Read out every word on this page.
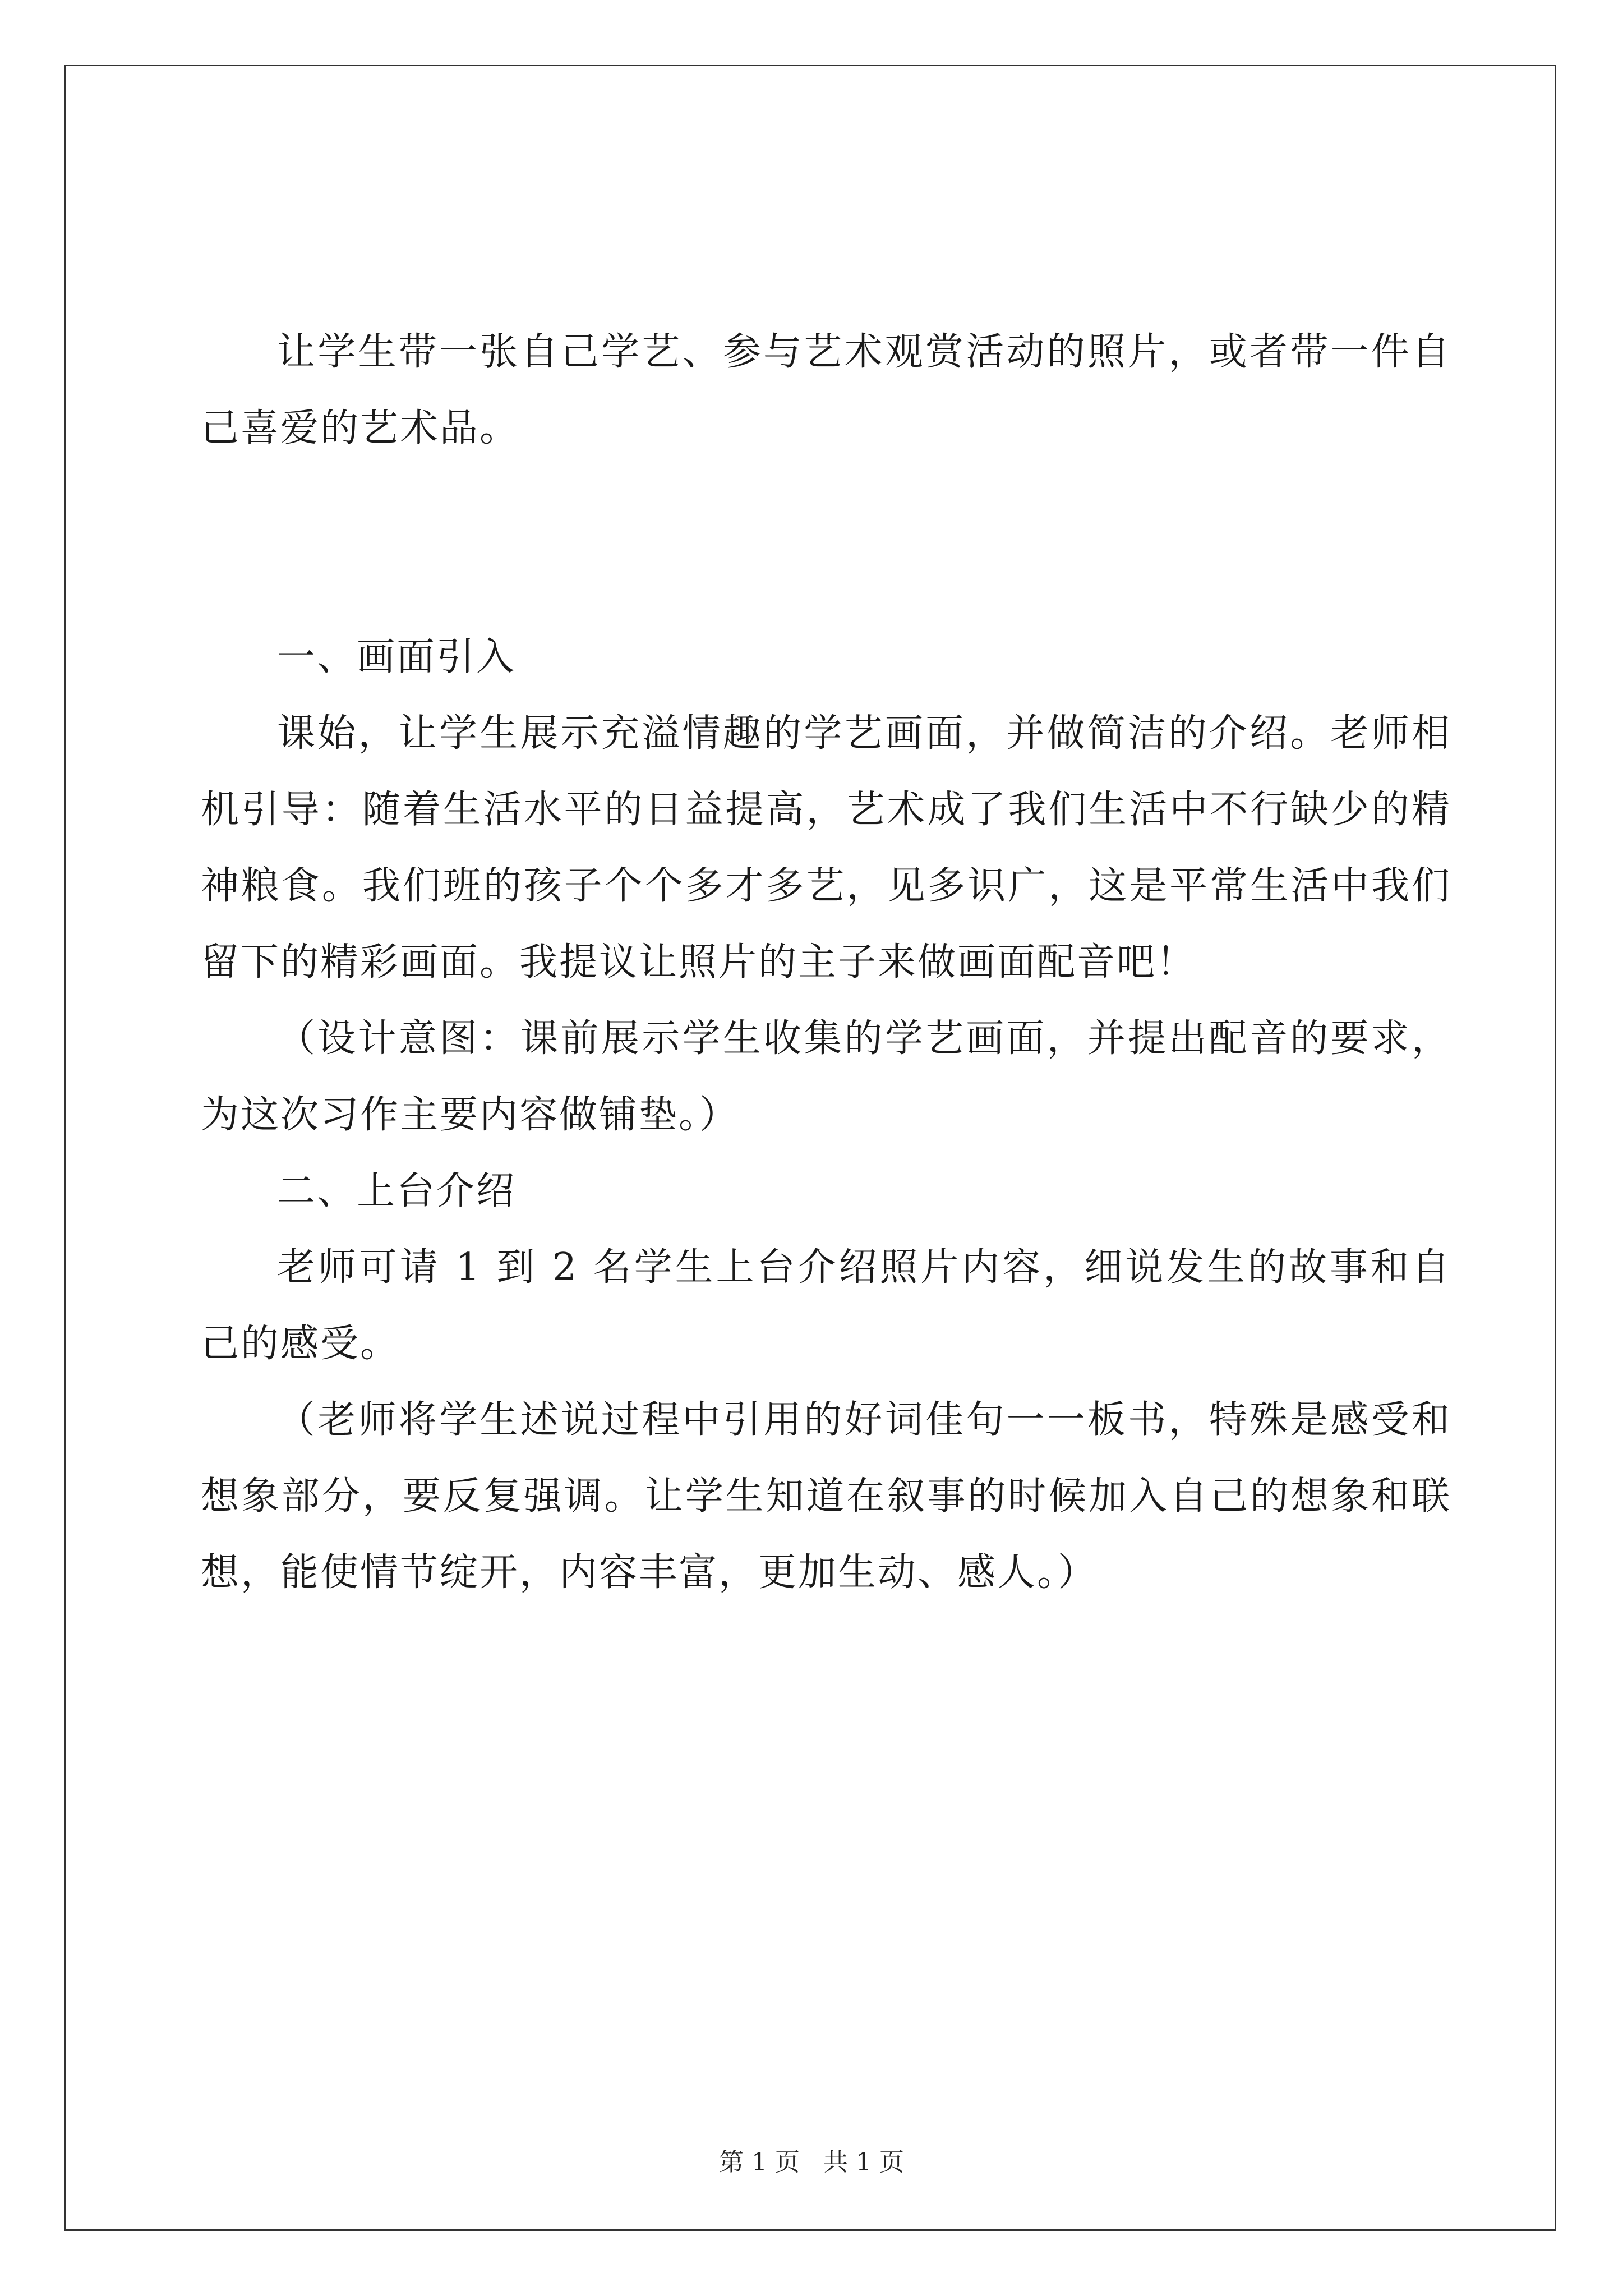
让学生带一张自己学艺、参与艺术观赏活动的照片，或者带一件自己喜爱的艺术品。

一、画面引入

课始，让学生展示充溢情趣的学艺画面，并做简洁的介绍。老师相机引导：随着生活水平的日益提高，艺术成了我们生活中不行缺少的精神粮食。我们班的孩子个个多才多艺，见多识广，这是平常生活中我们留下的精彩画面。我提议让照片的主子来做画面配音吧！

（设计意图：课前展示学生收集的学艺画面，并提出配音的要求，为这次习作主要内容做铺垫。）

二、上台介绍

老师可请 1 到 2 名学生上台介绍照片内容，细说发生的故事和自己的感受。

（老师将学生述说过程中引用的好词佳句一一板书，特殊是感受和想象部分，要反复强调。让学生知道在叙事的时候加入自己的想象和联想，能使情节绽开，内容丰富，更加生动、感人。）

第 1 页 共 1 页
